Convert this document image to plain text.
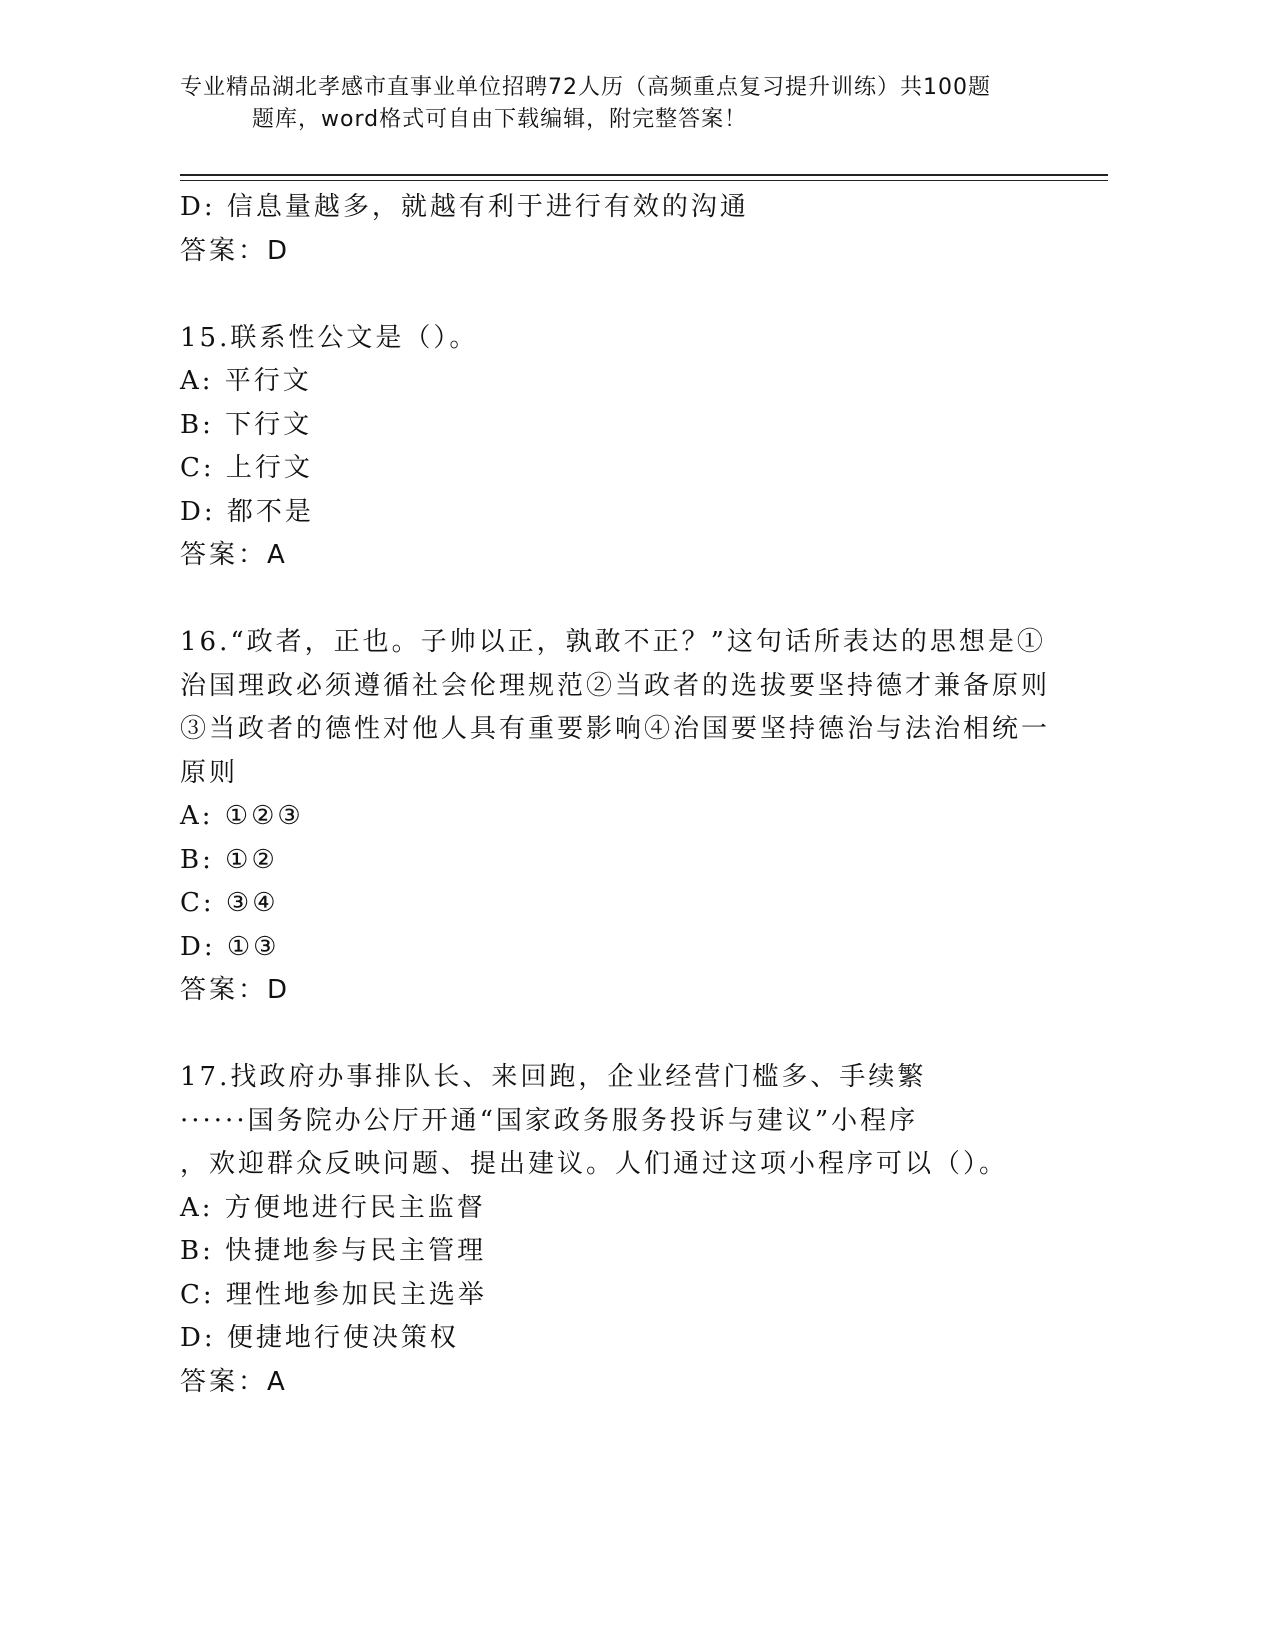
专业精品湖北孝感市直事业单位招聘72人历（高频重点复习提升训练）共100题
题库，word格式可自由下载编辑，附完整答案！
D: 信息量越多，就越有利于进行有效的沟通
答案：D
15.联系性公文是（）。
A: 平行文
B: 下行文
C: 上行文
D: 都不是
答案：A
16.“政者，正也。子帅以正，孰敢不正？”这句话所表达的思想是①
治国理政必须遵循社会伦理规范②当政者的选拔要坚持德才兼备原则
③当政者的德性对他人具有重要影响④治国要坚持德治与法治相统一
原则
A: ①②③
B: ①②
C: ③④
D: ①③
答案：D
17.找政府办事排队长、来回跑，企业经营门槛多、手续繁
······国务院办公厅开通“国家政务服务投诉与建议”小程序
，欢迎群众反映问题、提出建议。人们通过这项小程序可以（）。
A: 方便地进行民主监督
B: 快捷地参与民主管理
C: 理性地参加民主选举
D: 便捷地行使决策权
答案：A
